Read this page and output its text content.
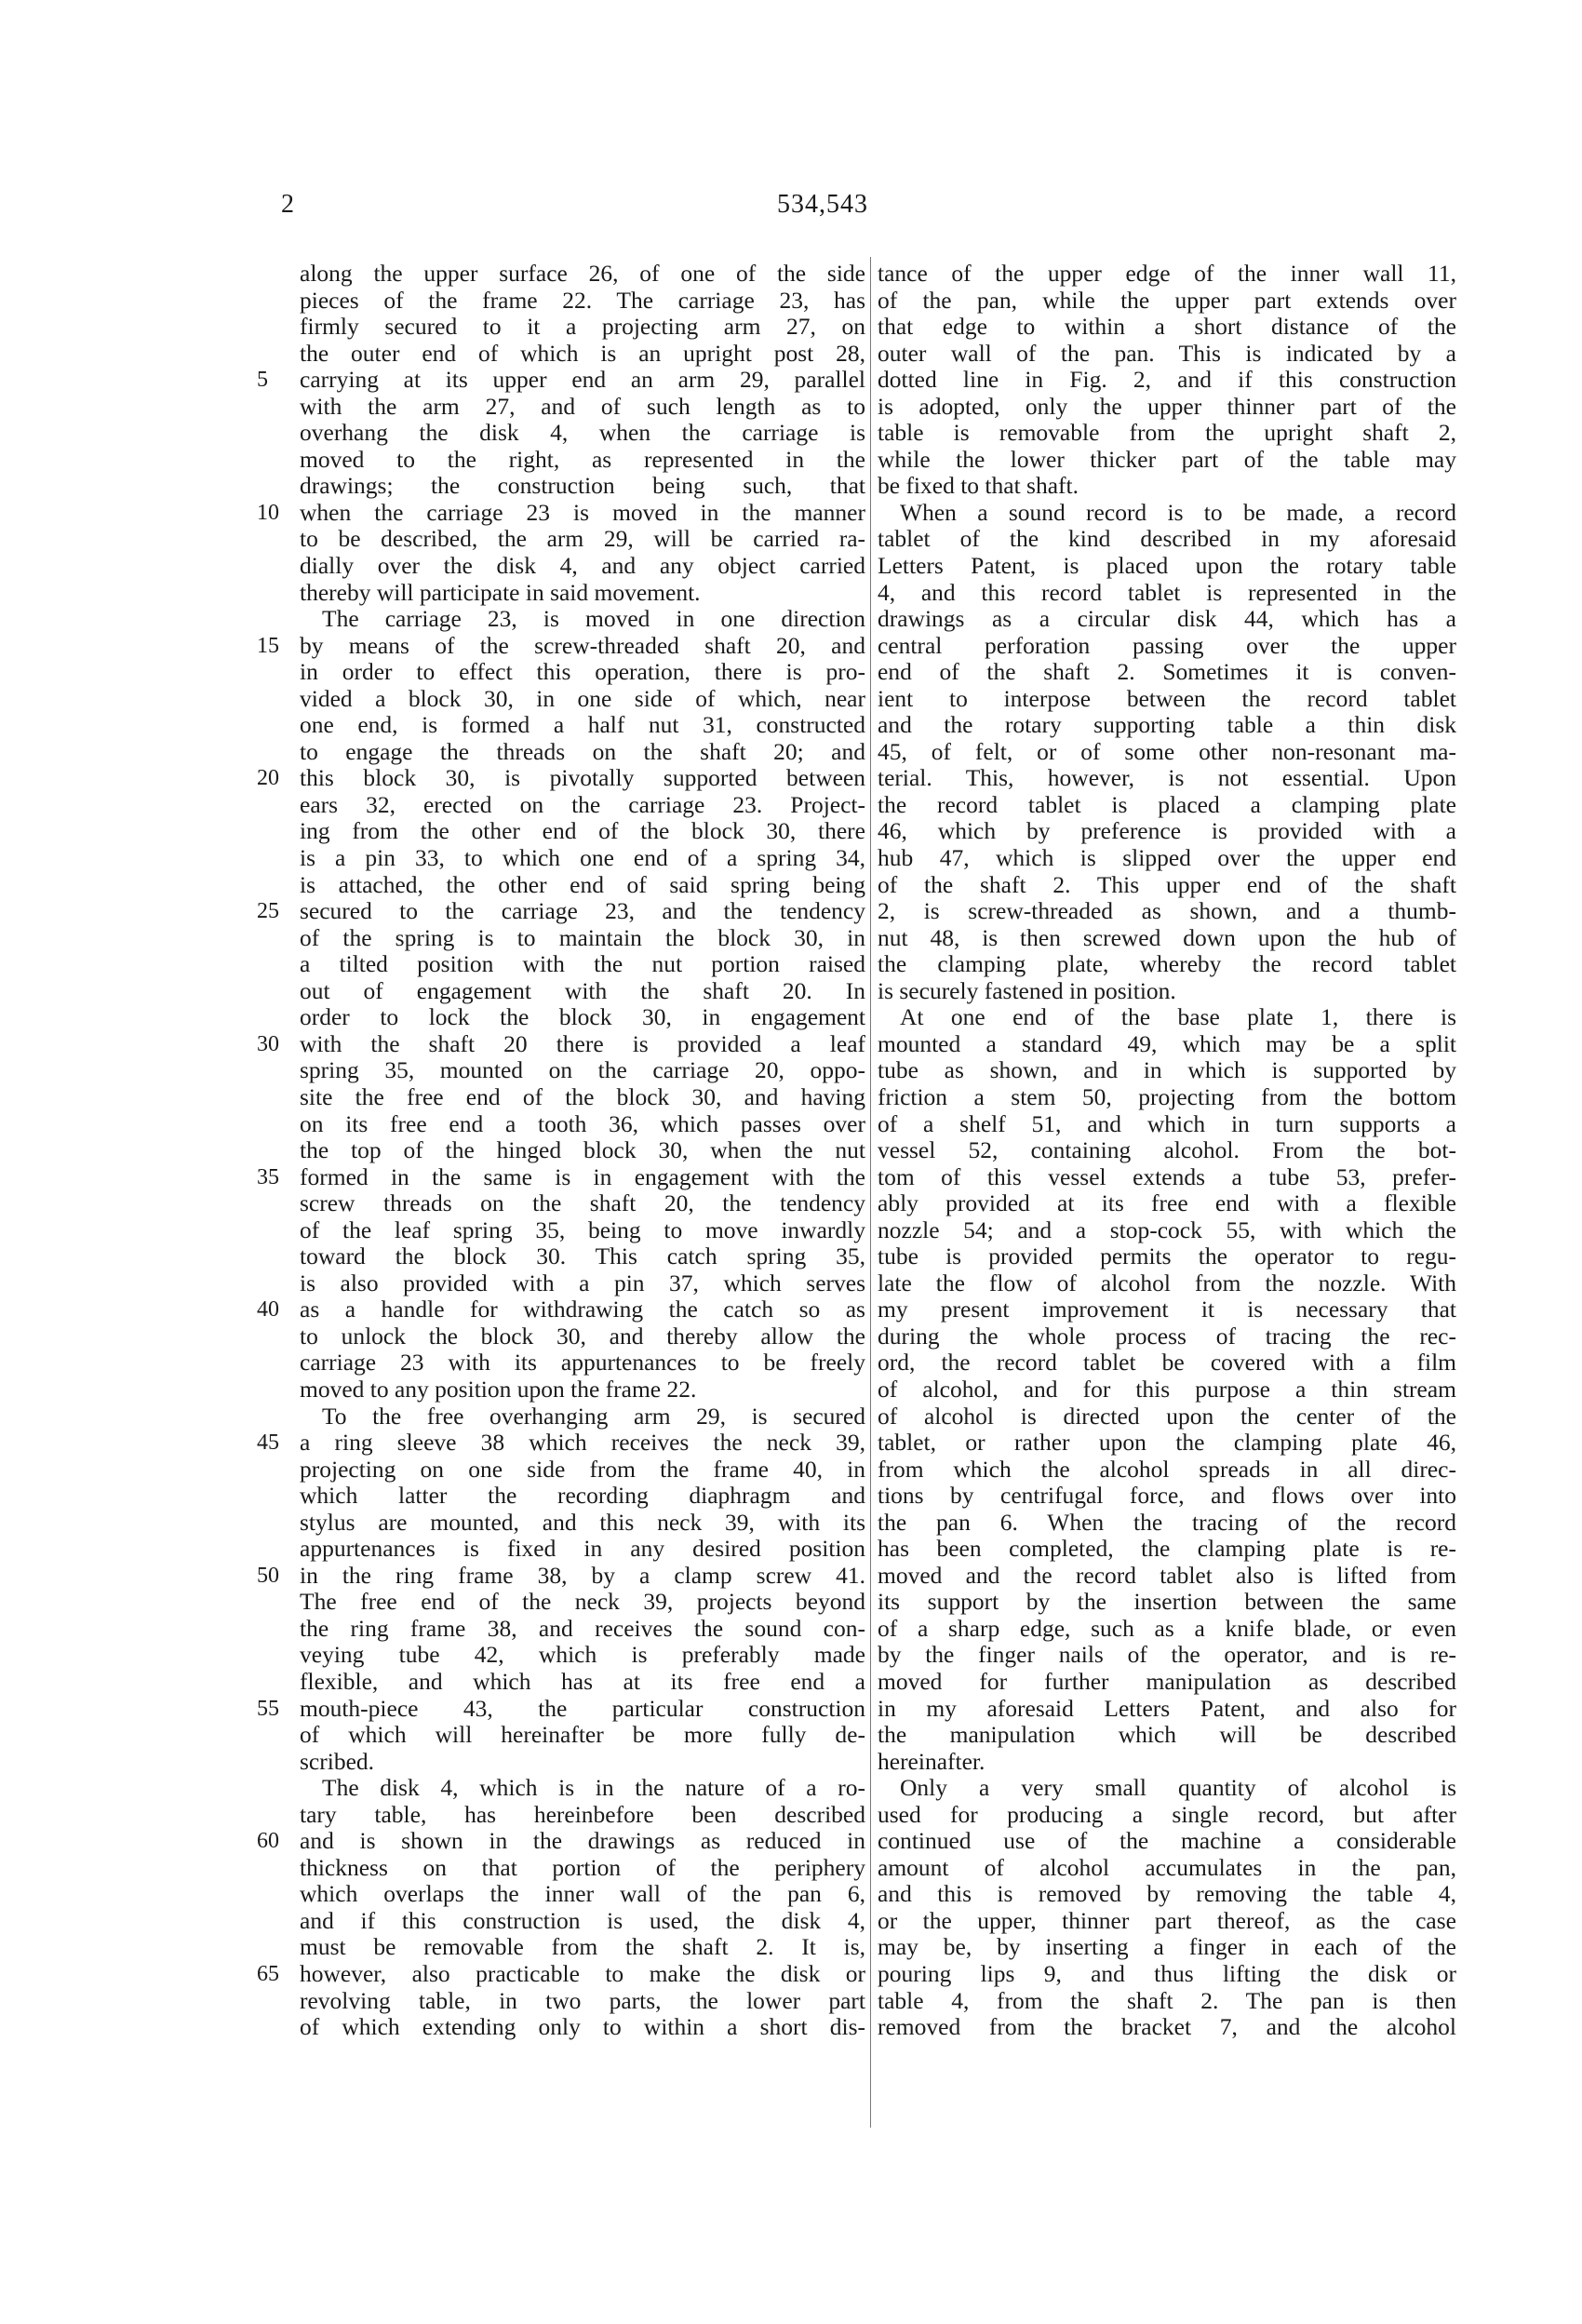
2	534,543
along the upper surface 26, of one of the side
pieces of the frame 22. The carriage 23, has
firmly secured to it a projecting arm 27, on
the outer end of which is an upright post 28,
carrying at its upper end an arm 29, parallel
5
with the arm 27, and of such length as to
overhang the disk 4, when the carriage is
moved to the right, as represented in the
drawings; the construction being such, that
when the carriage 23 is moved in the manner
10
to be described, the arm 29, will be carried ra-
dially over the disk 4, and any object carried
thereby will participate in said movement.
The carriage 23, is moved in one direction
by means of the screw-threaded shaft 20, and
15
in order to effect this operation, there is pro-
vided a block 30, in one side of which, near
one end, is formed a half nut 31, constructed
to engage the threads on the shaft 20; and
this block 30, is pivotally supported between
20
ears 32, erected on the carriage 23. Project-
ing from the other end of the block 30, there
is a pin 33, to which one end of a spring 34,
is attached, the other end of said spring being
secured to the carriage 23, and the tendency
25
of the spring is to maintain the block 30, in
a tilted position with the nut portion raised
out of engagement with the shaft 20. In
order to lock the block 30, in engagement
with the shaft 20 there is provided a leaf
30
spring 35, mounted on the carriage 20, oppo-
site the free end of the block 30, and having
on its free end a tooth 36, which passes over
the top of the hinged block 30, when the nut
formed in the same is in engagement with the
35
screw threads on the shaft 20, the tendency
of the leaf spring 35, being to move inwardly
toward the block 30. This catch spring 35,
is also provided with a pin 37, which serves
as a handle for withdrawing the catch so as
40
to unlock the block 30, and thereby allow the
carriage 23 with its appurtenances to be freely
moved to any position upon the frame 22.
To the free overhanging arm 29, is secured
a ring sleeve 38 which receives the neck 39,
45
projecting on one side from the frame 40, in
which latter the recording diaphragm and
stylus are mounted, and this neck 39, with its
appurtenances is fixed in any desired position
in the ring frame 38, by a clamp screw 41.
50
The free end of the neck 39, projects beyond
the ring frame 38, and receives the sound con-
veying tube 42, which is preferably made
flexible, and which has at its free end a
mouth-piece 43, the particular construction
55
of which will hereinafter be more fully de-
scribed.
The disk 4, which is in the nature of a ro-
tary table, has hereinbefore been described
and is shown in the drawings as reduced in
60
thickness on that portion of the periphery
which overlaps the inner wall of the pan 6,
and if this construction is used, the disk 4,
must be removable from the shaft 2. It is,
however, also practicable to make the disk or
65
revolving table, in two parts, the lower part
of which extending only to within a short dis-
tance of the upper edge of the inner wall 11,
of the pan, while the upper part extends over
that edge to within a short distance of the
outer wall of the pan. This is indicated by a
dotted line in Fig. 2, and if this construction
is adopted, only the upper thinner part of the
table is removable from the upright shaft 2,
while the lower thicker part of the table may
be fixed to that shaft.
When a sound record is to be made, a record
tablet of the kind described in my aforesaid
Letters Patent, is placed upon the rotary table
4, and this record tablet is represented in the
drawings as a circular disk 44, which has a
central perforation passing over the upper
end of the shaft 2. Sometimes it is conven-
ient to interpose between the record tablet
and the rotary supporting table a thin disk
45, of felt, or of some other non-resonant ma-
terial. This, however, is not essential. Upon
the record tablet is placed a clamping plate
46, which by preference is provided with a
hub 47, which is slipped over the upper end
of the shaft 2. This upper end of the shaft
2, is screw-threaded as shown, and a thumb-
nut 48, is then screwed down upon the hub of
the clamping plate, whereby the record tablet
is securely fastened in position.
At one end of the base plate 1, there is
mounted a standard 49, which may be a split
tube as shown, and in which is supported by
friction a stem 50, projecting from the bottom
of a shelf 51, and which in turn supports a
vessel 52, containing alcohol. From the bot-
tom of this vessel extends a tube 53, prefer-
ably provided at its free end with a flexible
nozzle 54; and a stop-cock 55, with which the
tube is provided permits the operator to regu-
late the flow of alcohol from the nozzle. With
my present improvement it is necessary that
during the whole process of tracing the rec-
ord, the record tablet be covered with a film
of alcohol, and for this purpose a thin stream
of alcohol is directed upon the center of the
tablet, or rather upon the clamping plate 46,
from which the alcohol spreads in all direc-
tions by centrifugal force, and flows over into
the pan 6. When the tracing of the record
has been completed, the clamping plate is re-
moved and the record tablet also is lifted from
its support by the insertion between the same
of a sharp edge, such as a knife blade, or even
by the finger nails of the operator, and is re-
moved for further manipulation as described
in my aforesaid Letters Patent, and also for
the manipulation which will be described
hereinafter.
Only a very small quantity of alcohol is
used for producing a single record, but after
continued use of the machine a considerable
amount of alcohol accumulates in the pan,
and this is removed by removing the table 4,
or the upper, thinner part thereof, as the case
may be, by inserting a finger in each of the
pouring lips 9, and thus lifting the disk or
table 4, from the shaft 2. The pan is then
removed from the bracket 7, and the alcohol
